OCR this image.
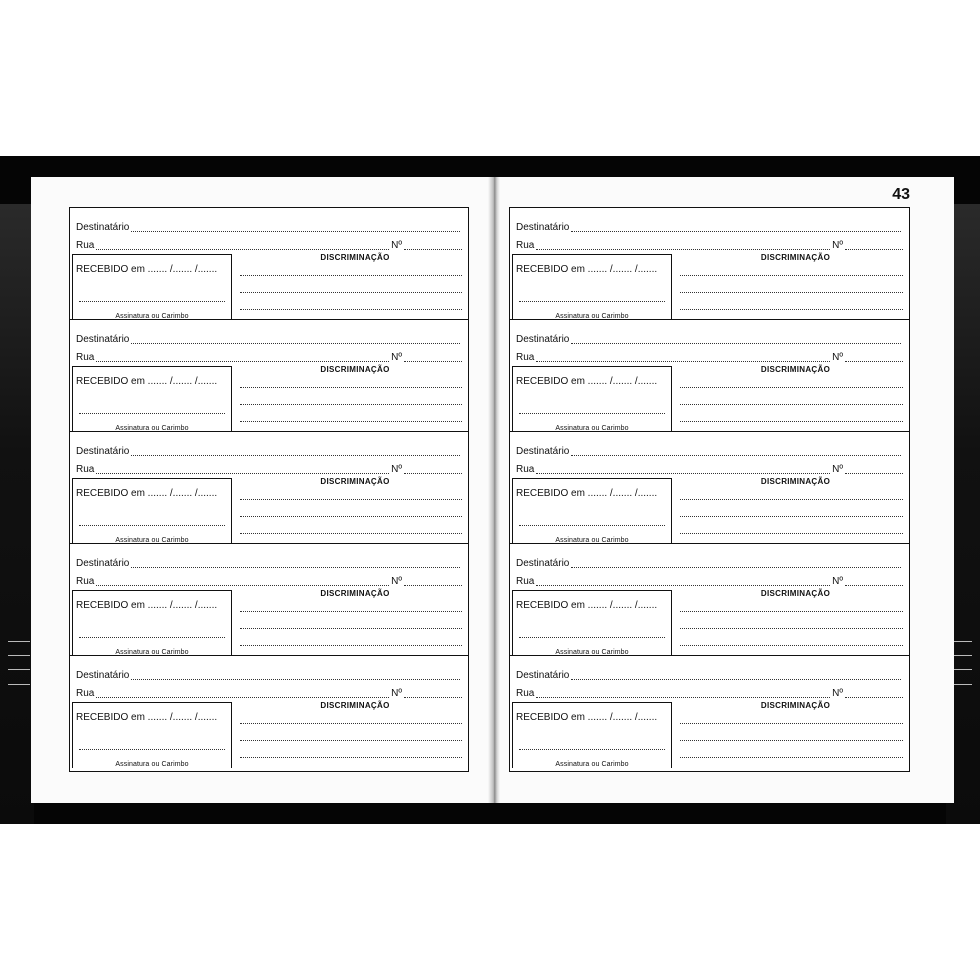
43
Destinatário
Rua	Nº
RECEBIDO em ....... /....... /.......
Assinatura ou Carimbo
DISCRIMINAÇÃO
Destinatário
Rua	Nº
RECEBIDO em ....... /....... /.......
Assinatura ou Carimbo
DISCRIMINAÇÃO
Destinatário
Rua	Nº
RECEBIDO em ....... /....... /.......
Assinatura ou Carimbo
DISCRIMINAÇÃO
Destinatário
Rua	Nº
RECEBIDO em ....... /....... /.......
Assinatura ou Carimbo
DISCRIMINAÇÃO
Destinatário
Rua	Nº
RECEBIDO em ....... /....... /.......
Assinatura ou Carimbo
DISCRIMINAÇÃO
Destinatário
Rua	Nº
RECEBIDO em ....... /....... /.......
Assinatura ou Carimbo
DISCRIMINAÇÃO
Destinatário
Rua	Nº
RECEBIDO em ....... /....... /.......
Assinatura ou Carimbo
DISCRIMINAÇÃO
Destinatário
Rua	Nº
RECEBIDO em ....... /....... /.......
Assinatura ou Carimbo
DISCRIMINAÇÃO
Destinatário
Rua	Nº
RECEBIDO em ....... /....... /.......
Assinatura ou Carimbo
DISCRIMINAÇÃO
Destinatário
Rua	Nº
RECEBIDO em ....... /....... /.......
Assinatura ou Carimbo
DISCRIMINAÇÃO
